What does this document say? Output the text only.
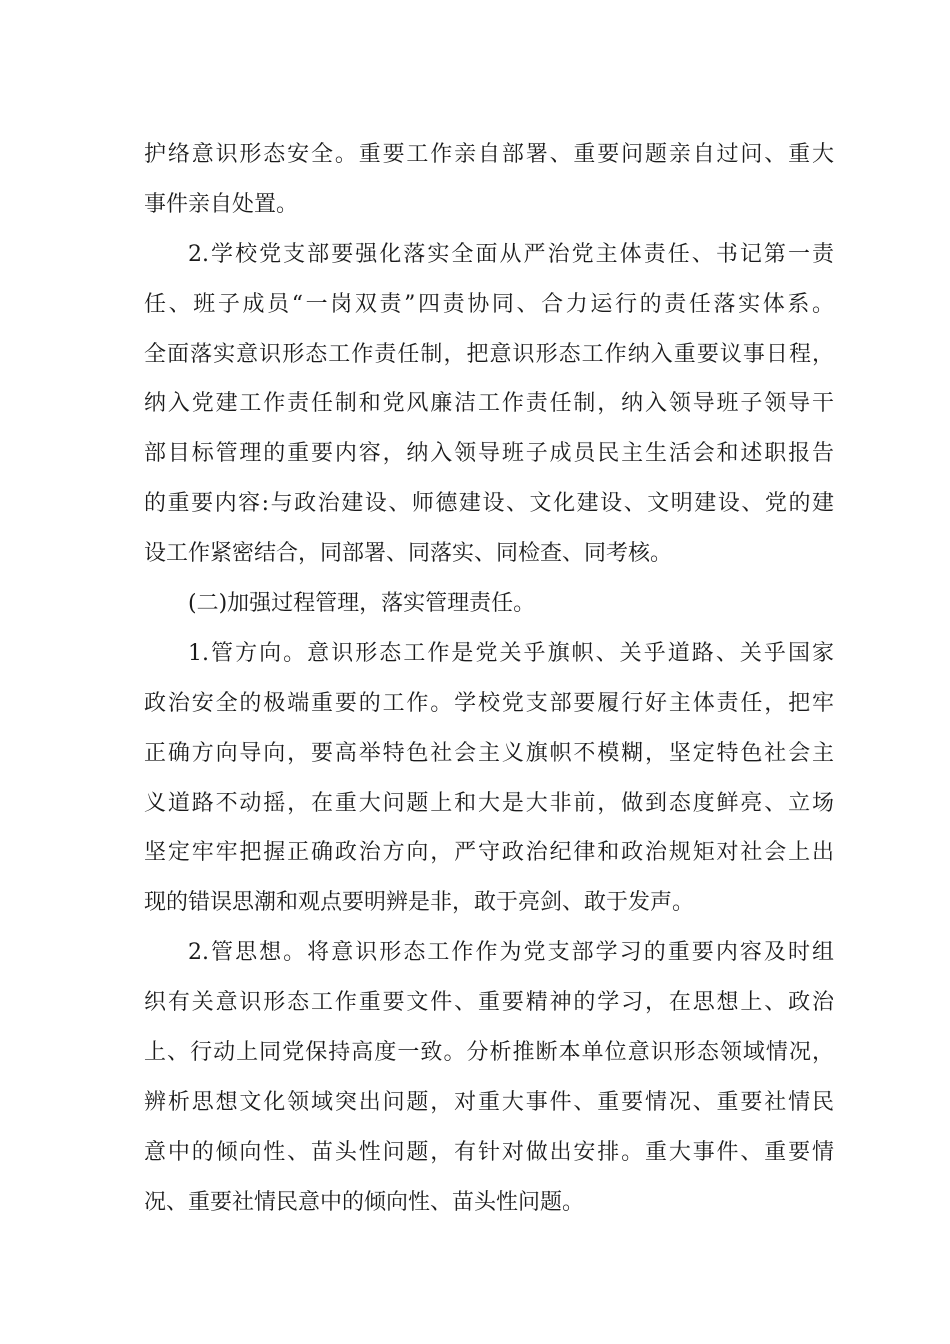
护络意识形态安全。重要工作亲自部署、重要问题亲自过问、重大
事件亲自处置。
2.学校党支部要强化落实全面从严治党主体责任、书记第一责
任、班子成员“一岗双责”四责协同、合力运行的责任落实体系。
全面落实意识形态工作责任制，把意识形态工作纳入重要议事日程，
纳入党建工作责任制和党风廉洁工作责任制，纳入领导班子领导干
部目标管理的重要内容，纳入领导班子成员民主生活会和述职报告
的重要内容:与政治建设、师德建设、文化建设、文明建设、党的建
设工作紧密结合，同部署、同落实、同检查、同考核。
(二)加强过程管理，落实管理责任。
1.管方向。意识形态工作是党关乎旗帜、关乎道路、关乎国家
政治安全的极端重要的工作。学校党支部要履行好主体责任，把牢
正确方向导向，要高举特色社会主义旗帜不模糊，坚定特色社会主
义道路不动摇，在重大问题上和大是大非前，做到态度鲜亮、立场
坚定牢牢把握正确政治方向，严守政治纪律和政治规矩对社会上出
现的错误思潮和观点要明辨是非，敢于亮剑、敢于发声。
2.管思想。将意识形态工作作为党支部学习的重要内容及时组
织有关意识形态工作重要文件、重要精神的学习，在思想上、政治
上、行动上同党保持高度一致。分析推断本单位意识形态领域情况，
辨析思想文化领域突出问题，对重大事件、重要情况、重要社情民
意中的倾向性、苗头性问题，有针对做出安排。重大事件、重要情
况、重要社情民意中的倾向性、苗头性问题。
